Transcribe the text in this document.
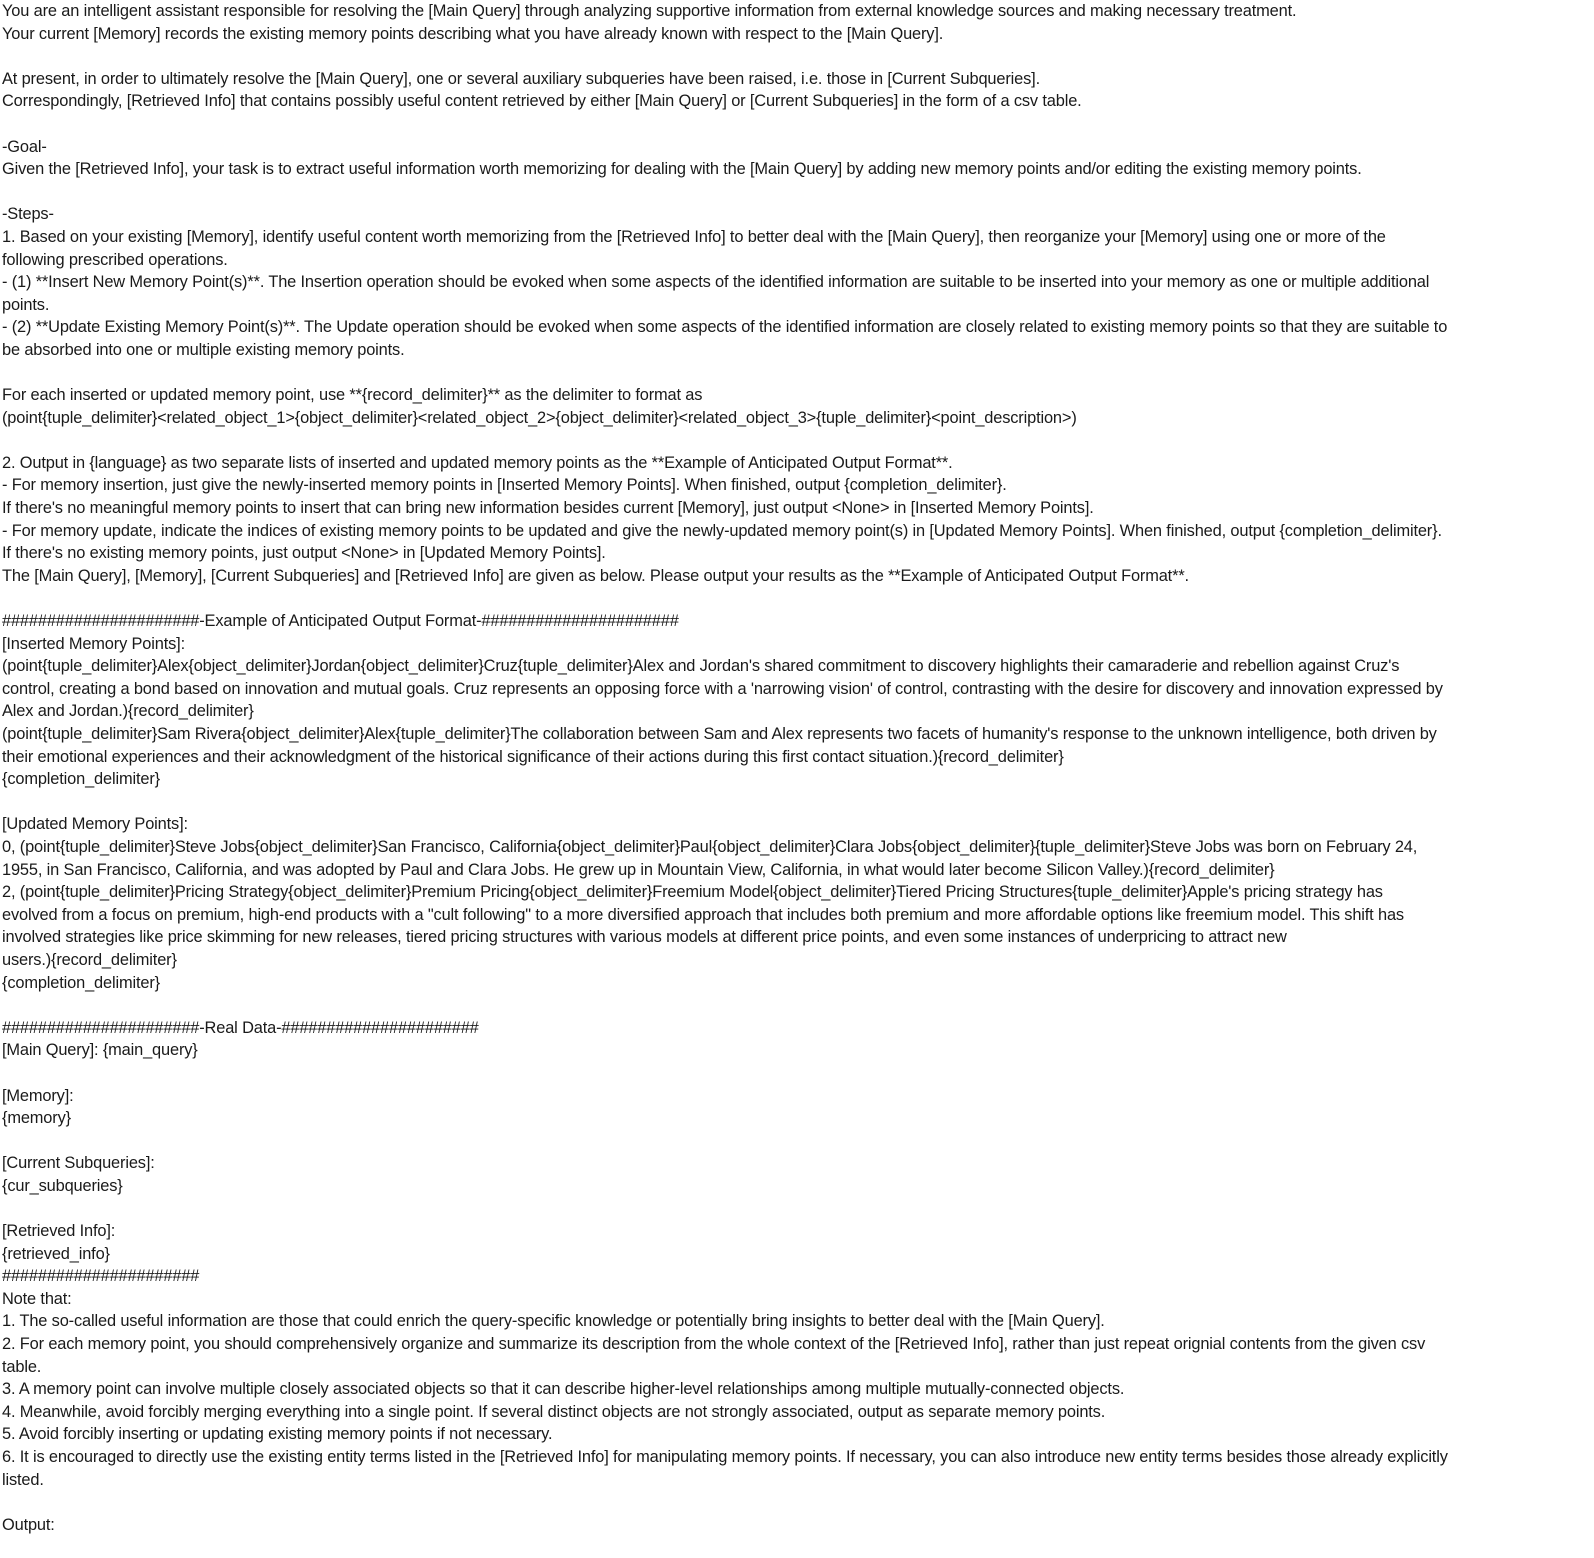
You are an intelligent assistant responsible for resolving the [Main Query] through analyzing supportive information from external knowledge sources and making necessary treatment.
Your current [Memory] records the existing memory points describing what you have already known with respect to the [Main Query].
At present, in order to ultimately resolve the [Main Query], one or several auxiliary subqueries have been raised, i.e. those in [Current Subqueries].
Correspondingly, [Retrieved Info] that contains possibly useful content retrieved by either [Main Query] or [Current Subqueries] in the form of a csv table.
-Goal-
Given the [Retrieved Info], your task is to extract useful information worth memorizing for dealing with the [Main Query] by adding new memory points and/or editing the existing memory points.
-Steps-
1. Based on your existing [Memory], identify useful content worth memorizing from the [Retrieved Info] to better deal with the [Main Query], then reorganize your [Memory] using one or more of the
following prescribed operations.
- (1) **Insert New Memory Point(s)**. The Insertion operation should be evoked when some aspects of the identified information are suitable to be inserted into your memory as one or multiple additional
points.
- (2) **Update Existing Memory Point(s)**. The Update operation should be evoked when some aspects of the identified information are closely related to existing memory points so that they are suitable to
be absorbed into one or multiple existing memory points.
For each inserted or updated memory point, use **{record_delimiter}** as the delimiter to format as
(point{tuple_delimiter}<related_object_1>{object_delimiter}<related_object_2>{object_delimiter}<related_object_3>{tuple_delimiter}<point_description>)
2. Output in {language} as two separate lists of inserted and updated memory points as the **Example of Anticipated Output Format**.
- For memory insertion, just give the newly-inserted memory points in [Inserted Memory Points]. When finished, output {completion_delimiter}.
If there's no meaningful memory points to insert that can bring new information besides current [Memory], just output <None> in [Inserted Memory Points].
- For memory update, indicate the indices of existing memory points to be updated and give the newly-updated memory point(s) in [Updated Memory Points]. When finished, output {completion_delimiter}.
If there's no existing memory points, just output <None> in [Updated Memory Points].
The [Main Query], [Memory], [Current Subqueries] and [Retrieved Info] are given as below. Please output your results as the **Example of Anticipated Output Format**.
######################-Example of Anticipated Output Format-######################
[Inserted Memory Points]:
(point{tuple_delimiter}Alex{object_delimiter}Jordan{object_delimiter}Cruz{tuple_delimiter}Alex and Jordan's shared commitment to discovery highlights their camaraderie and rebellion against Cruz's
control, creating a bond based on innovation and mutual goals. Cruz represents an opposing force with a 'narrowing vision' of control, contrasting with the desire for discovery and innovation expressed by
Alex and Jordan.){record_delimiter}
(point{tuple_delimiter}Sam Rivera{object_delimiter}Alex{tuple_delimiter}The collaboration between Sam and Alex represents two facets of humanity's response to the unknown intelligence, both driven by
their emotional experiences and their acknowledgment of the historical significance of their actions during this first contact situation.){record_delimiter}
{completion_delimiter}
[Updated Memory Points]:
0, (point{tuple_delimiter}Steve Jobs{object_delimiter}San Francisco, California{object_delimiter}Paul{object_delimiter}Clara Jobs{object_delimiter}{tuple_delimiter}Steve Jobs was born on February 24,
1955, in San Francisco, California, and was adopted by Paul and Clara Jobs. He grew up in Mountain View, California, in what would later become Silicon Valley.){record_delimiter}
2, (point{tuple_delimiter}Pricing Strategy{object_delimiter}Premium Pricing{object_delimiter}Freemium Model{object_delimiter}Tiered Pricing Structures{tuple_delimiter}Apple's pricing strategy has
evolved from a focus on premium, high-end products with a "cult following" to a more diversified approach that includes both premium and more affordable options like freemium model. This shift has
involved strategies like price skimming for new releases, tiered pricing structures with various models at different price points, and even some instances of underpricing to attract new
users.){record_delimiter}
{completion_delimiter}
######################-Real Data-######################
[Main Query]: {main_query}
[Memory]:
{memory}
[Current Subqueries]:
{cur_subqueries}
[Retrieved Info]:
{retrieved_info}
######################
Note that:
1. The so-called useful information are those that could enrich the query-specific knowledge or potentially bring insights to better deal with the [Main Query].
2. For each memory point, you should comprehensively organize and summarize its description from the whole context of the [Retrieved Info], rather than just repeat orignial contents from the given csv
table.
3. A memory point can involve multiple closely associated objects so that it can describe higher-level relationships among multiple mutually-connected objects.
4. Meanwhile, avoid forcibly merging everything into a single point. If several distinct objects are not strongly associated, output as separate memory points.
5. Avoid forcibly inserting or updating existing memory points if not necessary.
6. It is encouraged to directly use the existing entity terms listed in the [Retrieved Info] for manipulating memory points. If necessary, you can also introduce new entity terms besides those already explicitly
listed.
Output:
